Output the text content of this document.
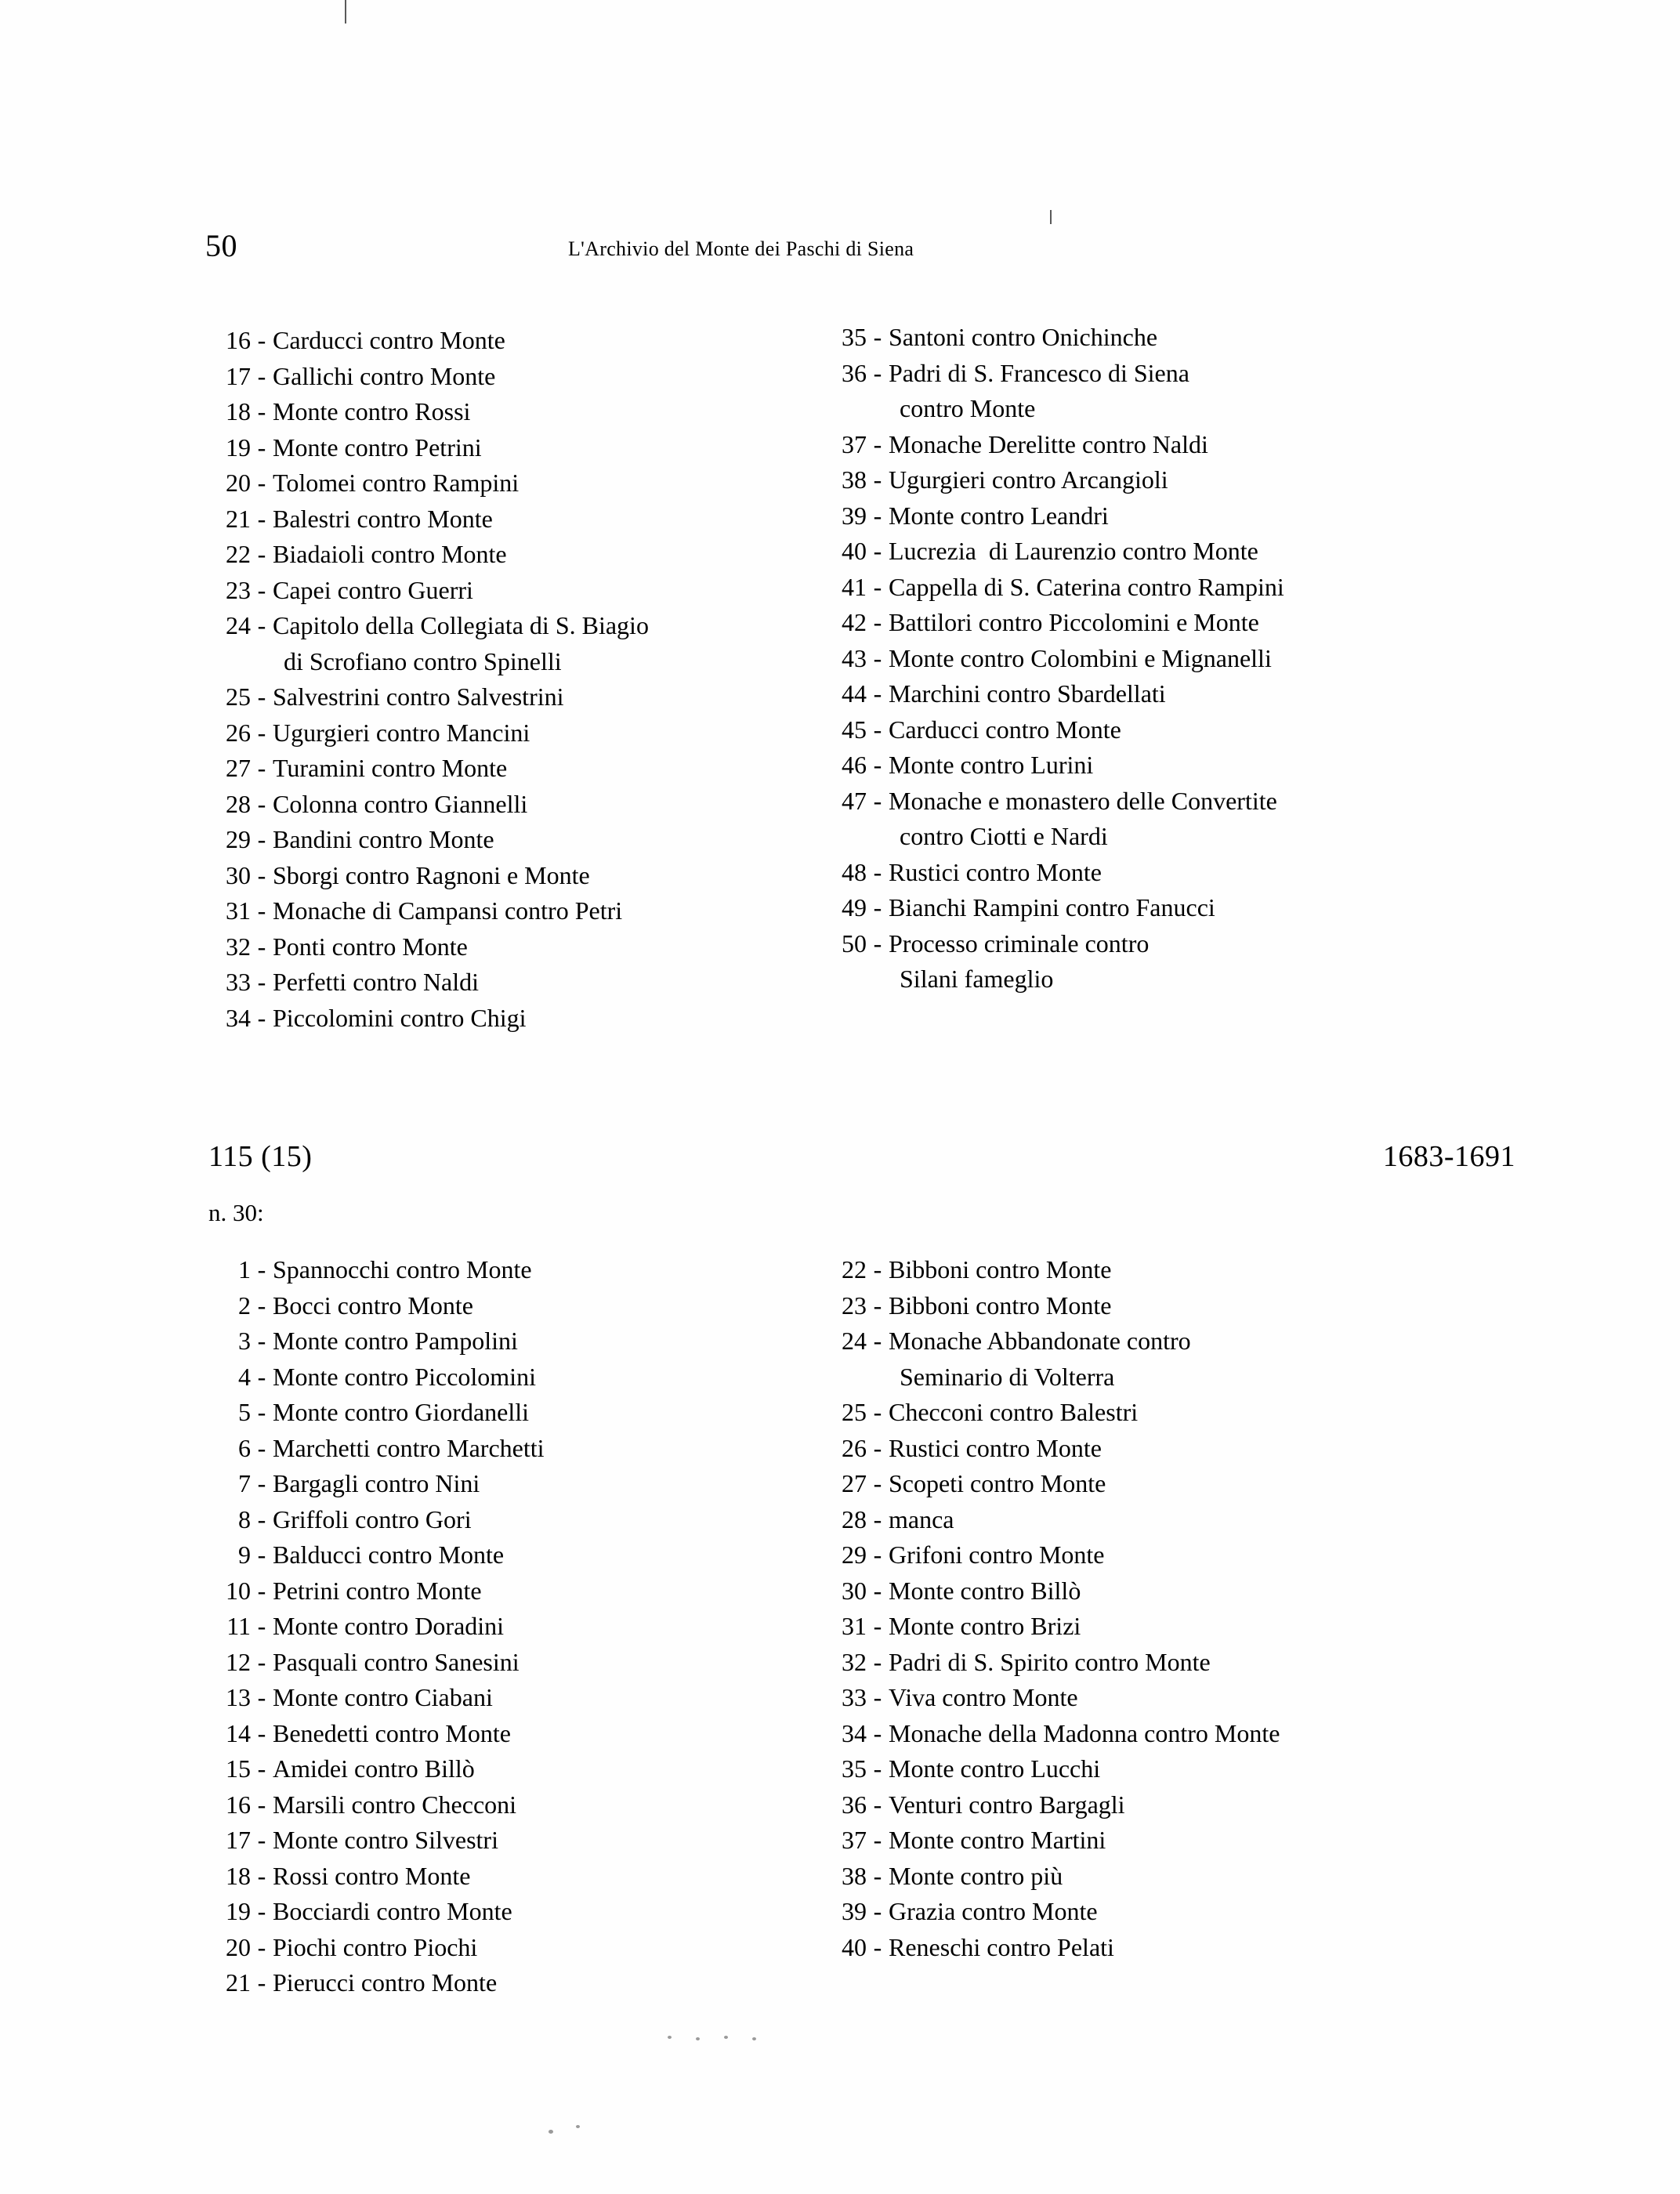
50	L'Archivio del Monte dei Paschi di Siena
16 - Carducci contro Monte
17 - Gallichi contro Monte
18 - Monte contro Rossi
19 - Monte contro Petrini
20 - Tolomei contro Rampini
21 - Balestri contro Monte
22 - Biadaioli contro Monte
23 - Capei contro Guerri
24 - Capitolo della Collegiata di S. Biagio
di Scrofiano contro Spinelli
25 - Salvestrini contro Salvestrini
26 - Ugurgieri contro Mancini
27 - Turamini contro Monte
28 - Colonna contro Giannelli
29 - Bandini contro Monte
30 - Sborgi contro Ragnoni e Monte
31 - Monache di Campansi contro Petri
32 - Ponti contro Monte
33 - Perfetti contro Naldi
34 - Piccolomini contro Chigi
35 - Santoni contro Onichinche
36 - Padri di S. Francesco di Siena
contro Monte
37 - Monache Derelitte contro Naldi
38 - Ugurgieri contro Arcangioli
39 - Monte contro Leandri
40 - Lucrezia  di Laurenzio contro Monte
41 - Cappella di S. Caterina contro Rampini
42 - Battilori contro Piccolomini e Monte
43 - Monte contro Colombini e Mignanelli
44 - Marchini contro Sbardellati
45 - Carducci contro Monte
46 - Monte contro Lurini
47 - Monache e monastero delle Convertite
contro Ciotti e Nardi
48 - Rustici contro Monte
49 - Bianchi Rampini contro Fanucci
50 - Processo criminale contro
Silani fameglio
115 (15)	1683-1691
n. 30:
1 - Spannocchi contro Monte
2 - Bocci contro Monte
3 - Monte contro Pampolini
4 - Monte contro Piccolomini
5 - Monte contro Giordanelli
6 - Marchetti contro Marchetti
7 - Bargagli contro Nini
8 - Griffoli contro Gori
9 - Balducci contro Monte
10 - Petrini contro Monte
11 - Monte contro Doradini
12 - Pasquali contro Sanesini
13 - Monte contro Ciabani
14 - Benedetti contro Monte
15 - Amidei contro Billò
16 - Marsili contro Checconi
17 - Monte contro Silvestri
18 - Rossi contro Monte
19 - Bocciardi contro Monte
20 - Piochi contro Piochi
21 - Pierucci contro Monte
22 - Bibboni contro Monte
23 - Bibboni contro Monte
24 - Monache Abbandonate contro
Seminario di Volterra
25 - Checconi contro Balestri
26 - Rustici contro Monte
27 - Scopeti contro Monte
28 - manca
29 - Grifoni contro Monte
30 - Monte contro Billò
31 - Monte contro Brizi
32 - Padri di S. Spirito contro Monte
33 - Viva contro Monte
34 - Monache della Madonna contro Monte
35 - Monte contro Lucchi
36 - Venturi contro Bargagli
37 - Monte contro Martini
38 - Monte contro più
39 - Grazia contro Monte
40 - Reneschi contro Pelati
